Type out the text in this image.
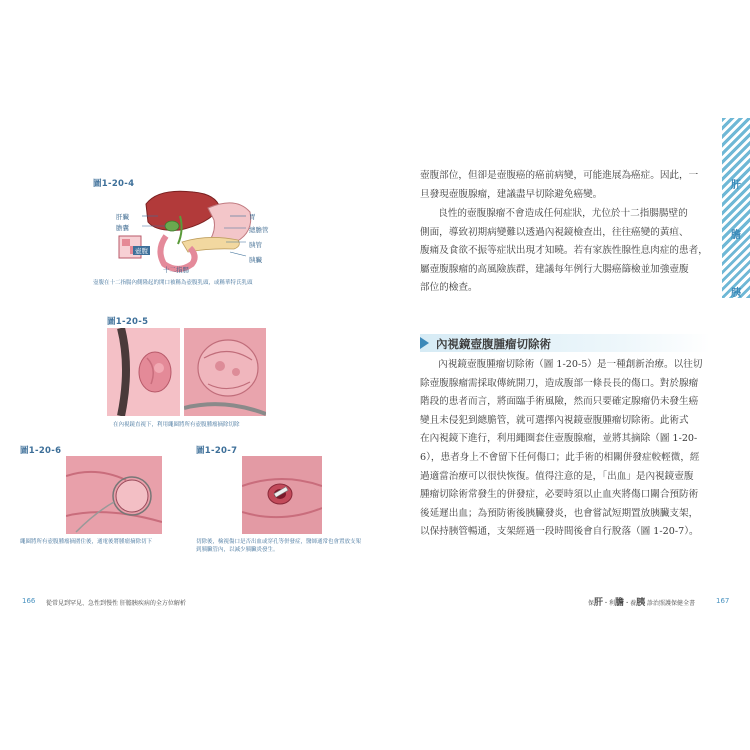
圖1-20-4
肝臟
膽囊
壺腹
十二指腸
胃
總膽管
胰管
胰臟
壺腹在十二指腸內側隆起的開口被稱為壺腹乳頭，或稱華特氏乳頭
圖1-20-5
在內視鏡直視下，利用繩圈將所有壺腹腫瘤摘除切除
圖1-20-6
繩圈將所有壺腹腫瘤摘圍住後，通電後將腫瘤摘除切下
圖1-20-7
切除後，檢視傷口是否出血或穿孔等併發症，醫師通常也會置放支架到胰臟管內，以減少胰臟炎發生。
166 從常見到罕見、急性到慢性 肝膽胰疾病的全方位解析
肝
膽
胰

壺腹部位，但卻是壺腹癌的癌前病變，可能進展為癌症。因此，一

旦發現壺腹腺瘤，建議盡早切除避免癌變。

良性的壺腹腺瘤不會造成任何症狀，尤位於十二指腸腸壁的

側面，導致初期病變難以透過內視鏡檢查出，往往癌變的黃疸、

腹痛及食欲不振等症狀出現才知曉。若有家族性腺性息肉症的患者，

屬壺腹腺瘤的高風險族群，建議每年例行大腸癌篩檢並加強壺腹

部位的檢查。

內視鏡壺腹腫瘤切除術

內視鏡壺腹腫瘤切除術（圖 1-20-5）是一種創新治療。以往切

除壺腹腺瘤需採取傳統開刀，造成腹部一條長長的傷口。對於腺瘤

階段的患者而言，將面臨手術風險，然而只要確定腺瘤仍未發生癌

變且未侵犯到總膽管，就可選擇內視鏡壺腹腫瘤切除術。此術式

在內視鏡下進行，利用繩圈套住壺腹腺瘤，並將其摘除（圖 1-20-

6），患者身上不會留下任何傷口；此手術的相關併發症較輕微，經

過適當治療可以很快恢復。值得注意的是，「出血」是內視鏡壺腹

腫瘤切除術常發生的併發症，必要時須以止血夾將傷口關合預防術

後延遲出血；為預防術後胰臟發炎，也會嘗試短期置放胰臟支架，

以保持胰管暢通，支架經過一段時間後會自行脫落（圖 1-20-7）。

保肝・利膽・養胰 診治照護保健全書	167
